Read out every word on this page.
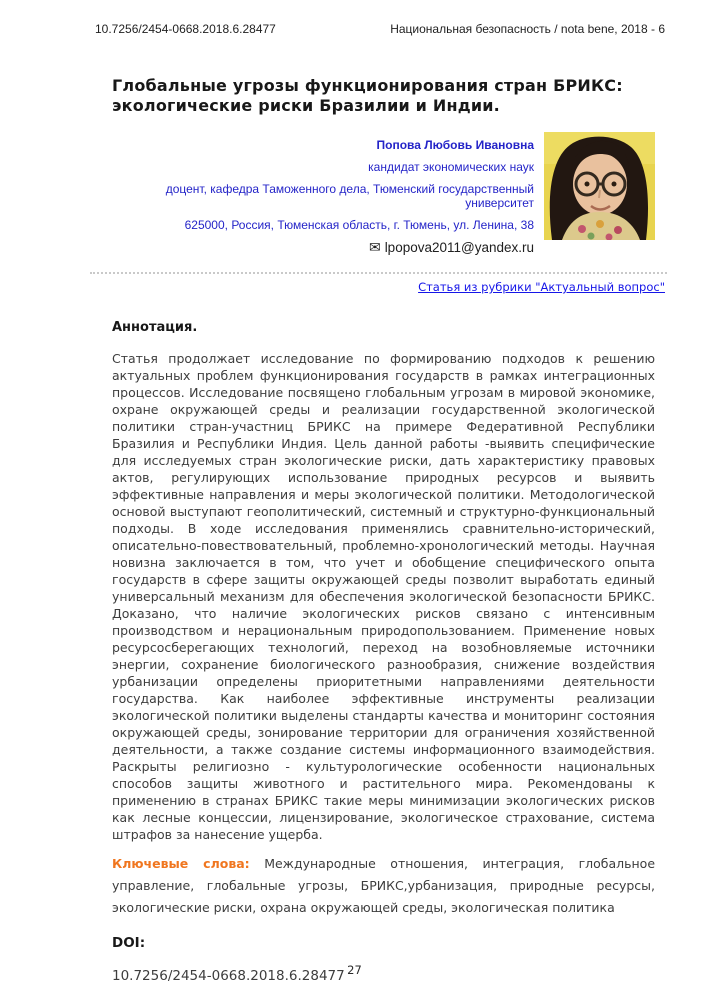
10.7256/2454-0668.2018.6.28477	Национальная безопасность / nota bene, 2018 - 6
Глобальные угрозы функционирования стран БРИКС: экологические риски Бразилии и Индии.
Попова Любовь Ивановна
кандидат экономических наук
доцент, кафедра Таможенного дела, Тюменский государственный университет
625000, Россия, Тюменская область, г. Тюмень, ул. Ленина, 38
✉ lpopova2011@yandex.ru
Статья из рубрики "Актуальный вопрос"
Аннотация.

Статья продолжает исследование по формированию подходов к решению актуальных проблем функционирования государств в рамках интеграционных процессов. Исследование посвящено глобальным угрозам в мировой экономике, охране окружающей среды и реализации государственной экологической политики стран-участниц БРИКС на примере Федеративной Республики Бразилия и Республики Индия. Цель данной работы -выявить специфические для исследуемых стран экологические риски, дать характеристику правовых актов, регулирующих использование природных ресурсов и выявить эффективные направления и меры экологической политики. Методологической основой выступают геополитический, системный и структурно-функциональный подходы. В ходе исследования применялись сравнительно-исторический, описательно-повествовательный, проблемно-хронологический методы. Научная новизна заключается в том, что учет и обобщение специфического опыта государств в сфере защиты окружающей среды позволит выработать единый универсальный механизм для обеспечения экологической безопасности БРИКС. Доказано, что наличие экологических рисков связано с интенсивным производством и нерациональным природопользованием. Применение новых ресурсосберегающих технологий, переход на возобновляемые источники энергии, сохранение биологического разнообразия, снижение воздействия урбанизации определены приоритетными направлениями деятельности государства. Как наиболее эффективные инструменты реализации экологической политики выделены стандарты качества и мониторинг состояния окружающей среды, зонирование территории для ограничения хозяйственной деятельности, а также создание системы информационного взаимодействия. Раскрыты религиозно - культурологические особенности национальных способов защиты животного и растительного мира. Рекомендованы к применению в странах БРИКС такие меры минимизации экологических рисков как лесные концессии, лицензирование, экологическое страхование, система штрафов за нанесение ущерба.

Ключевые слова: Международные отношения, интеграция, глобальное управление, глобальные угрозы, БРИКС,урбанизация, природные ресурсы, экологические риски, охрана окружающей среды, экологическая политика

DOI:

10.7256/2454-0668.2018.6.28477 27
